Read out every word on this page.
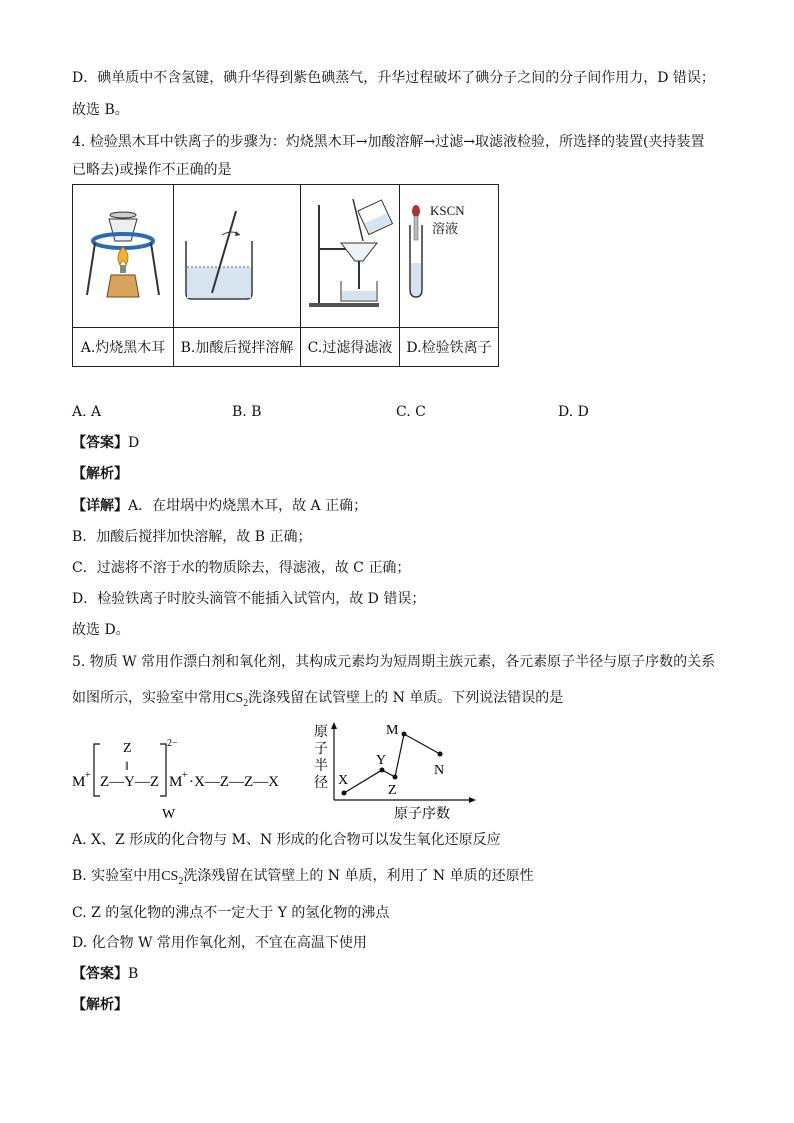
D．碘单质中不含氢键，碘升华得到紫色碘蒸气，升华过程破坏了碘分子之间的分子间作用力，D 错误；
故选 B。
4. 检验黑木耳中铁离子的步骤为：灼烧黑木耳→加酸溶解→过滤→取滤液检验，所选择的装置(夹持装置
已略去)或操作不正确的是

KSCN
溶液

A.灼烧黑木耳	B.加酸后搅拌溶解	C.过滤得滤液	D.检验铁离子
A. A	B. B	C. C	D. D
【答案】D
【解析】
【详解】A．在坩埚中灼烧黑木耳，故 A 正确；
B．加酸后搅拌加快溶解，故 B 正确；
C．过滤将不溶于水的物质除去，得滤液，故 C 正确；
D．检验铁离子时胶头滴管不能插入试管内，故 D 错误；
故选 D。
5. 物质 W 常用作漂白剂和氧化剂，其构成元素均为短周期主族元素，各元素原子半径与原子序数的关系
如图所示，实验室中常用$CS_2$洗涤残留在试管壁上的 N 单质。下列说法错误的是
M +
Z
‖
Z—Y—Z
2−
M + ·X—Z—Z—X
W
原
子
半
径 X
Y
Z
M
N
原子序数
A. X、Z 形成的化合物与 M、N 形成的化合物可以发生氧化还原反应
B. 实验室中用$CS_2$洗涤残留在试管壁上的 N 单质，利用了 N 单质的还原性
C. Z 的氢化物的沸点不一定大于 Y 的氢化物的沸点
D. 化合物 W 常用作氧化剂，不宜在高温下使用
【答案】B
【解析】
